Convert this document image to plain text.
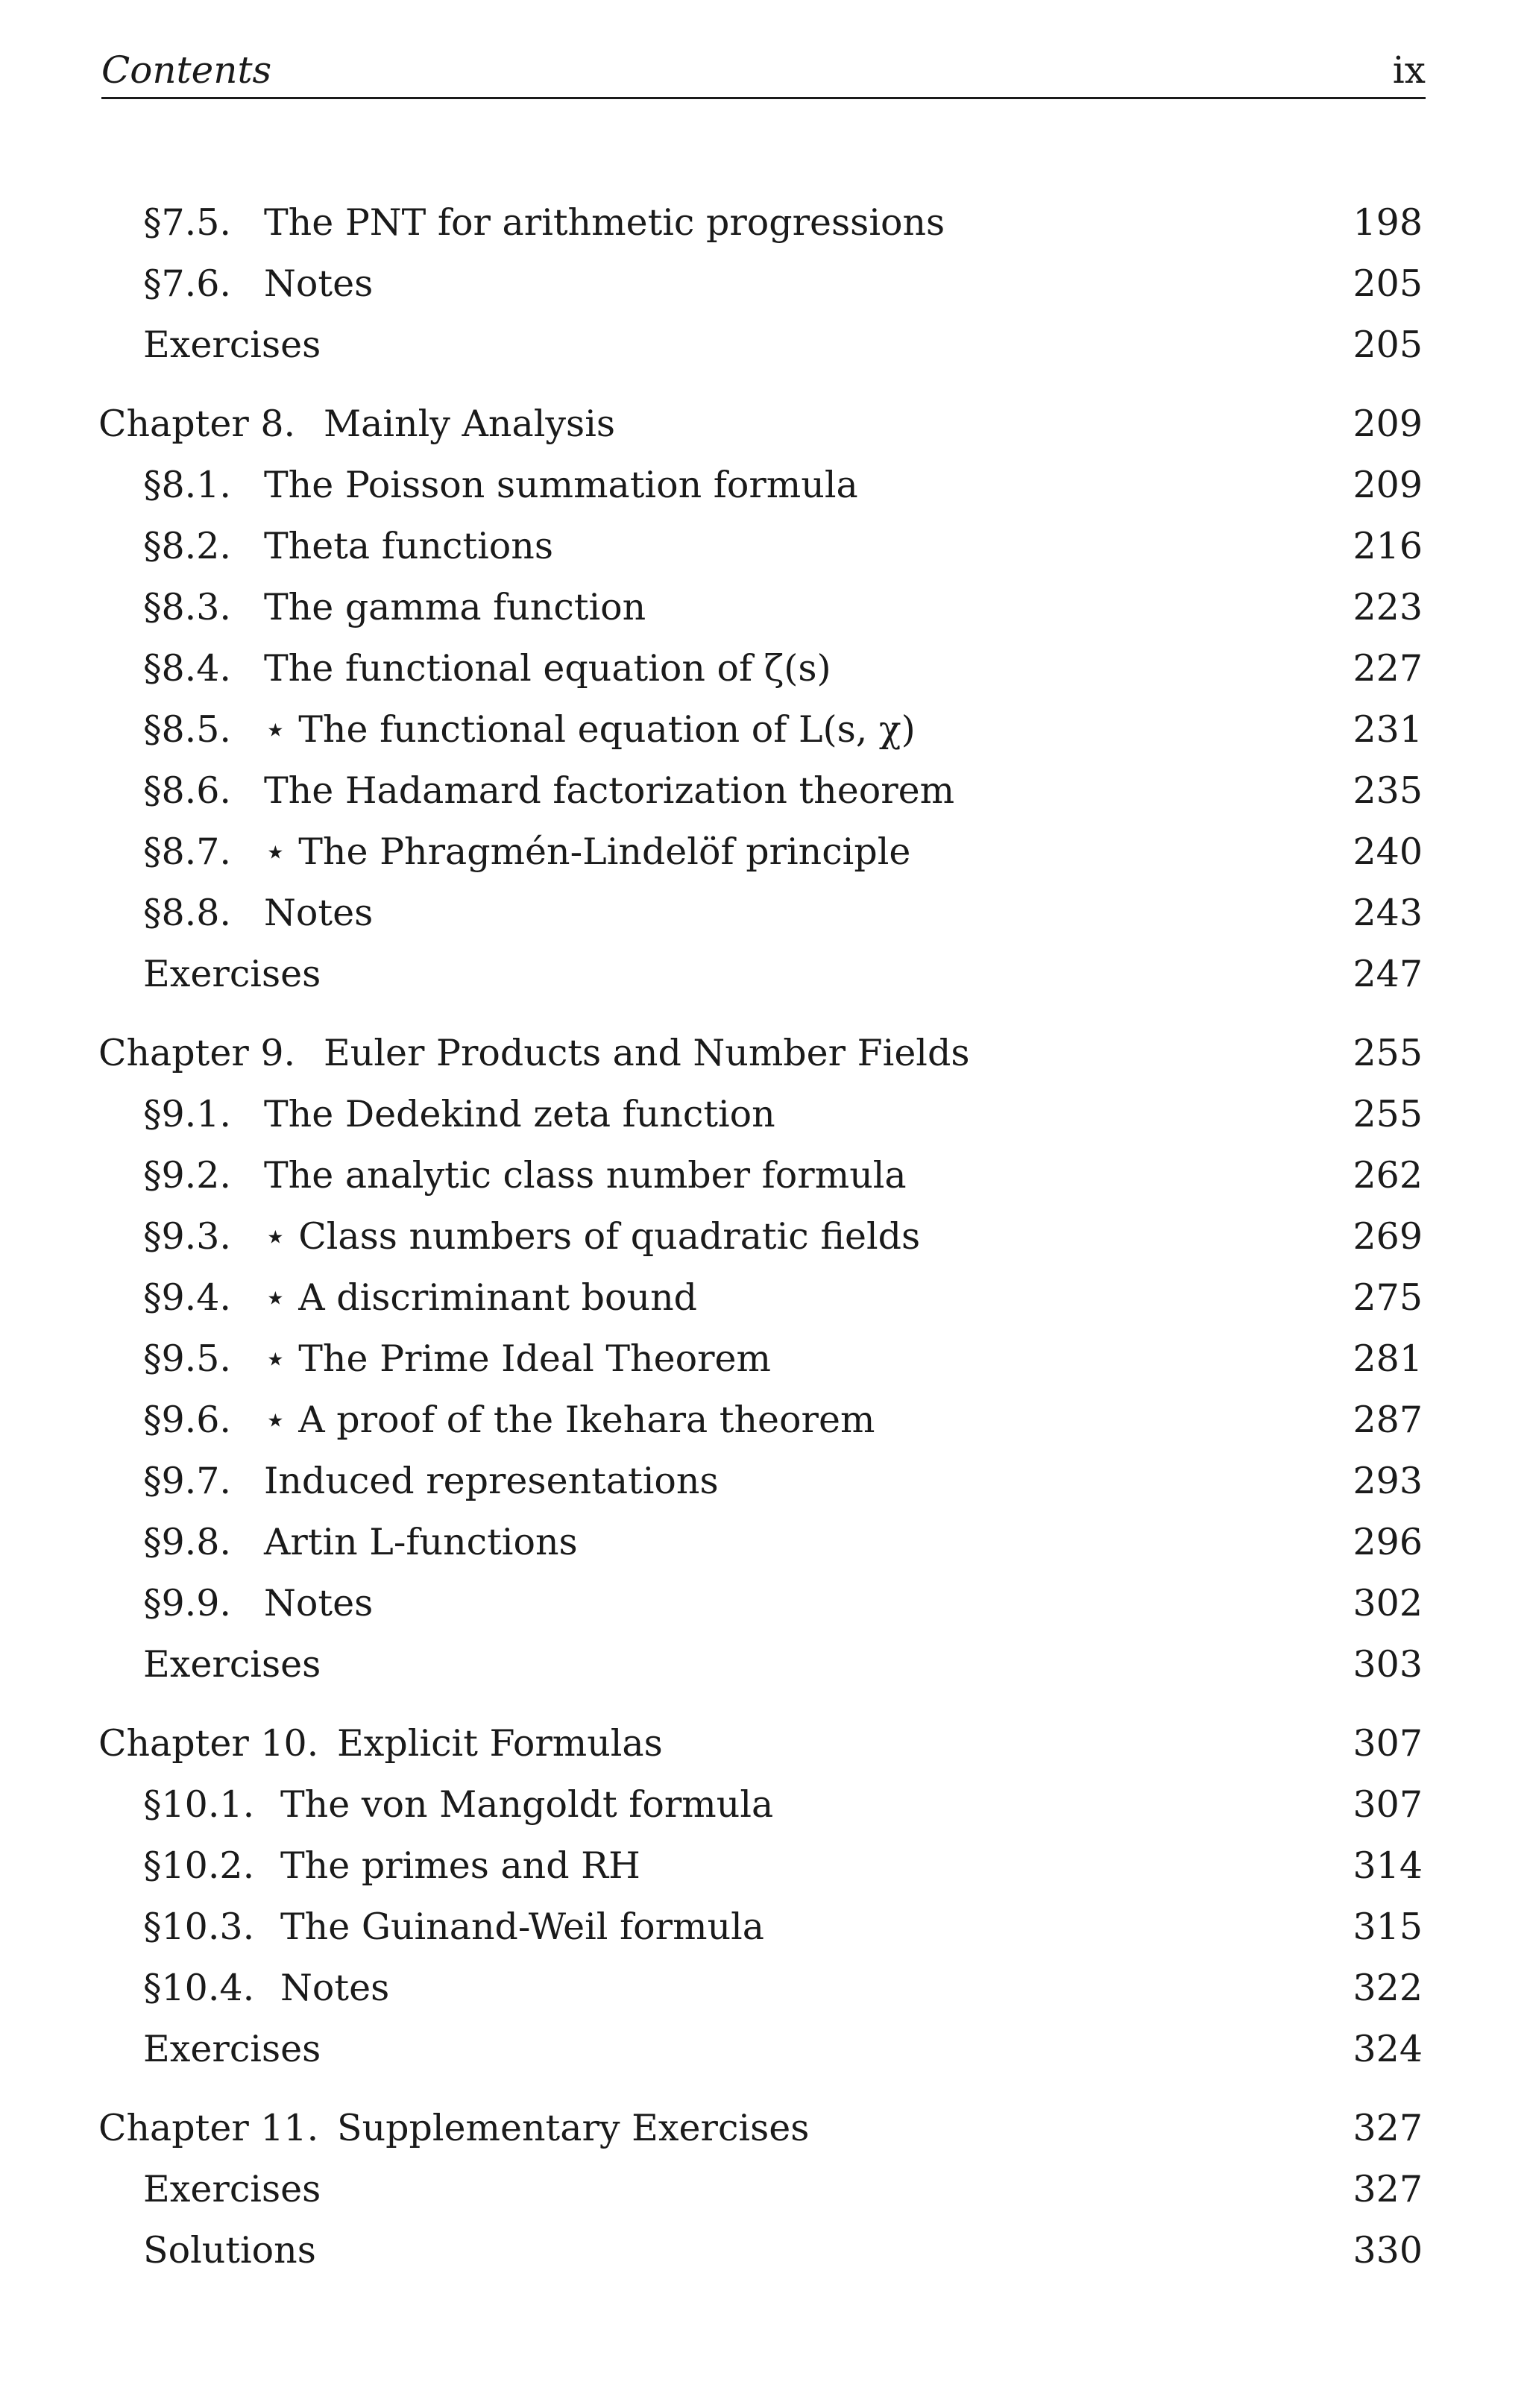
Contents	ix
§7.5. The PNT for arithmetic progressions	198
§7.6. Notes	205
Exercises	205
Chapter 8. Mainly Analysis	209
§8.1. The Poisson summation formula	209
§8.2. Theta functions	216
§8.3. The gamma function	223
§8.4. The functional equation of ζ(s)	227
§8.5. ⋆ The functional equation of L(s, χ)	231
§8.6. The Hadamard factorization theorem	235
§8.7. ⋆ The Phragmén-Lindelöf principle	240
§8.8. Notes	243
Exercises	247
Chapter 9. Euler Products and Number Fields	255
§9.1. The Dedekind zeta function	255
§9.2. The analytic class number formula	262
§9.3. ⋆ Class numbers of quadratic fields	269
§9.4. ⋆ A discriminant bound	275
§9.5. ⋆ The Prime Ideal Theorem	281
§9.6. ⋆ A proof of the Ikehara theorem	287
§9.7. Induced representations	293
§9.8. Artin L-functions	296
§9.9. Notes	302
Exercises	303
Chapter 10. Explicit Formulas	307
§10.1. The von Mangoldt formula	307
§10.2. The primes and RH	314
§10.3. The Guinand-Weil formula	315
§10.4. Notes	322
Exercises	324
Chapter 11. Supplementary Exercises	327
Exercises	327
Solutions	330
